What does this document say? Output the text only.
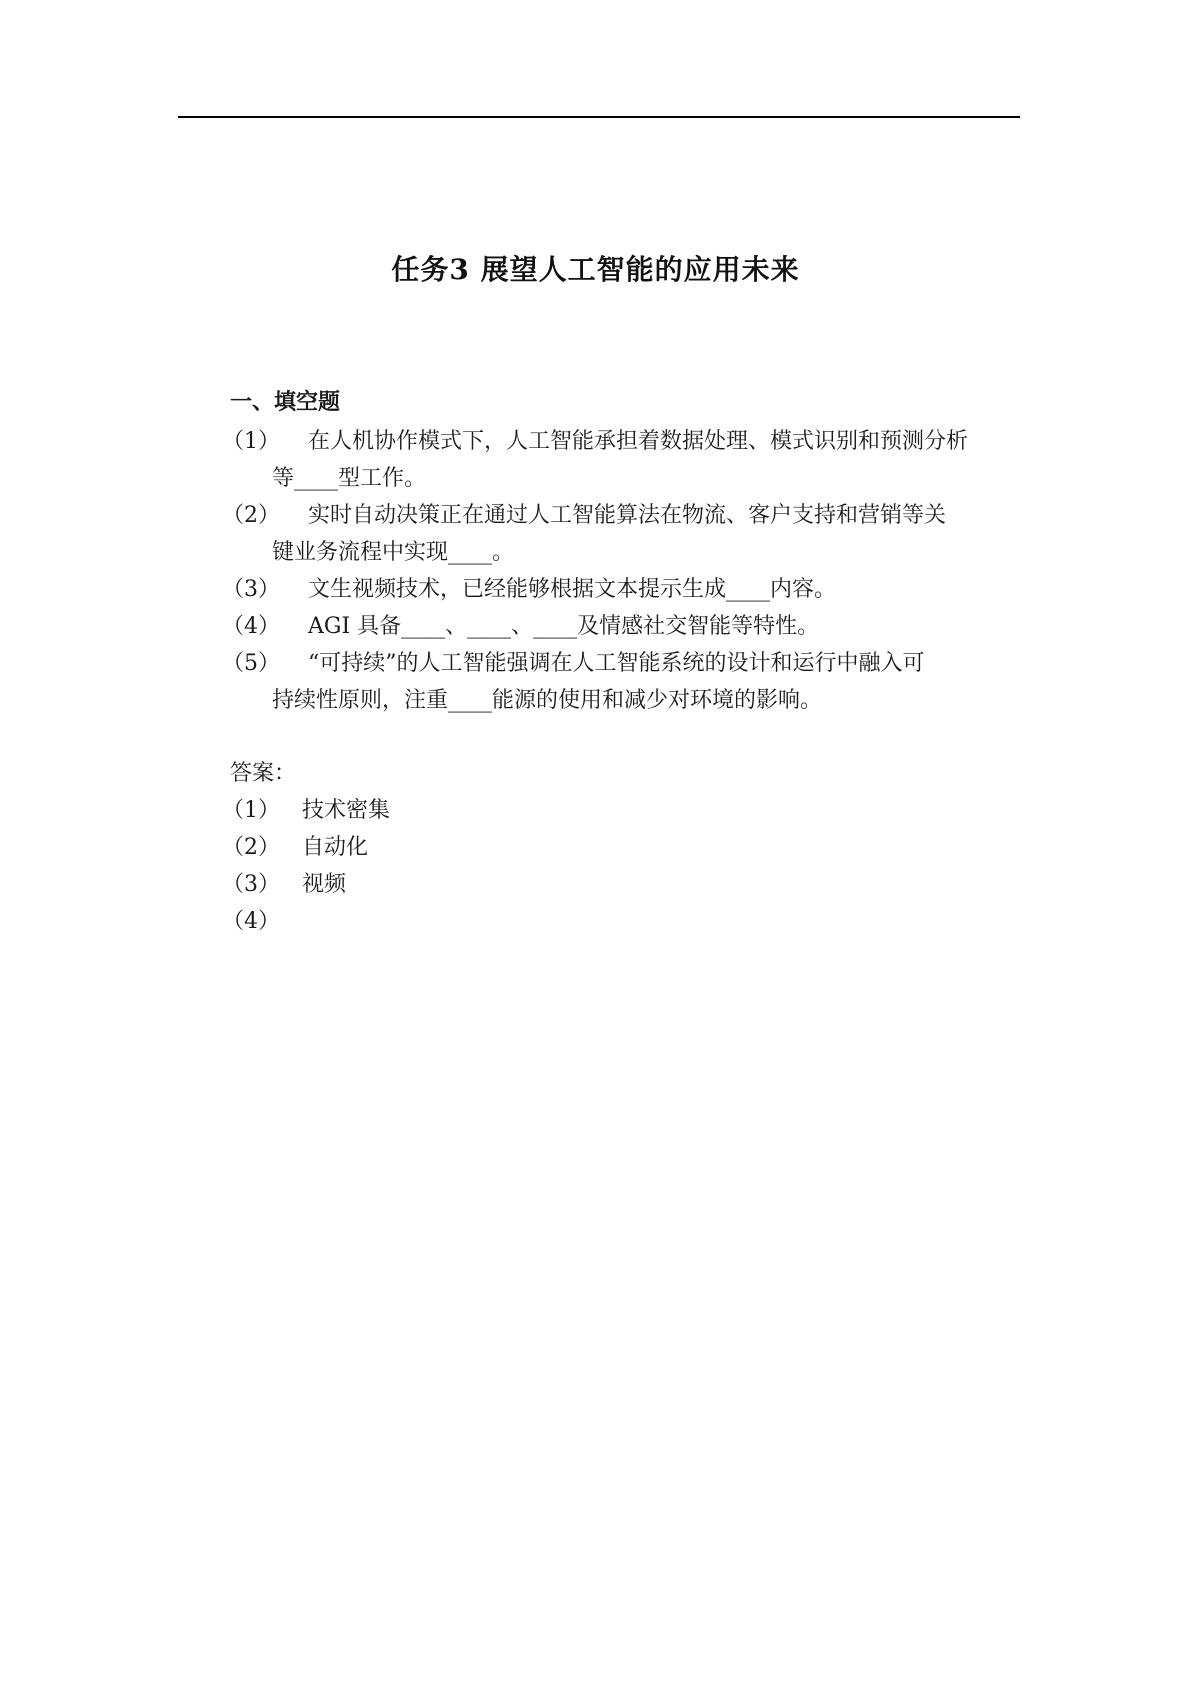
任务3 展望人工智能的应用未来
一、填空题
（1）	在人机协作模式下，人工智能承担着数据处理、模式识别和预测分析
等____型工作。
（2）	实时自动决策正在通过人工智能算法在物流、客户支持和营销等关
键业务流程中实现____。
（3）	文生视频技术，已经能够根据文本提示生成____内容。
（4）	AGI 具备____、____、____及情感社交智能等特性。
（5）	“可持续”的人工智能强调在人工智能系统的设计和运行中融入可
持续性原则，注重____能源的使用和减少对环境的影响。
答案：
（1） 技术密集
（2） 自动化
（3） 视频
（4）
